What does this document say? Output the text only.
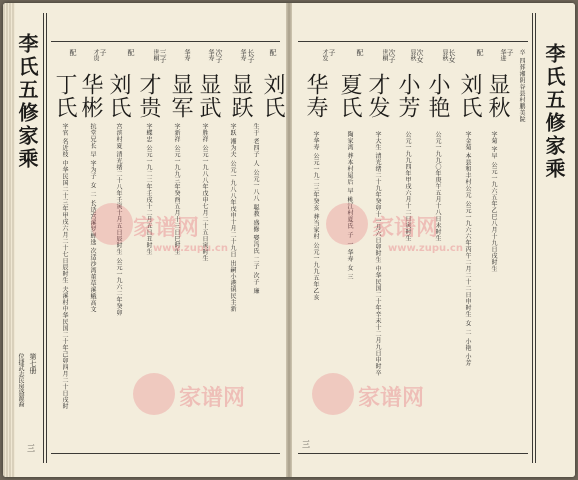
李氏五修家乘
第七册
位捷武志民房盛源裔
三
配
刘氏
生于 老四子 人 公元一八八 聪教 盛修 娶冯氏 二子 次子 廉
长子
华寿
显跃
字跃 湘为夫 公元一九八八年戊申十月二十九日 出嗣小港镇民主新
次子
华寿
显武
字胜祥 公元一九八八年戊申七月二十五日寅时生
华寿
显军
字新祥 公元一九九三年癸酉五月十三日巳时生
三子
世桐
才贵
字蝶忠 公元一九二二年壬戌十二月五日丑时生
配
刘氏
宫滨村夏 清光绪二十八年壬寅十月五日辰时生 公元一九六二年癸卯
子
才贵
华彬
抗堂兄长 早 字为子 女 二 长适宫溪罗蝉选 次适沙湾董草溪蛾高文
配
丁氏
字官 名近枝 中华民国二十三年甲戌六月二十七日辰时生 夫溪村中华民国二十年己卯四月二十日戌时	家谱网
www.zupu.cn
家谱网
李氏五修家乘
卒 四葬湘阴谷县村鹏美院
子
华进
显秋
字菊 字早 公元一九六五年乙巳八月十九日戌时生
配
刘氏
字金菊 本县和丰村公元 公元一九六六年丙午二月二十二日申时生 女 二 小艳 小芳
长女
显秋
小艳
公元一九九〇年庚午五月十八日未时生
次女
显秋
小芳
公元一九九四年甲戌六月十二日寅时生
次子
世桐
才发
字大生 清光绪二十九年癸卯十一月六日卯时生 中华民国二十年辛未十二月九日申时卒
配
夏氏
陶家湾 葬本村屋后 早 桃江村夏氏 子 一 华寿 女 三
子
才发
华寿
字华寿 公元一九二三年癸亥 葬当家村 公元一九九五年乙亥
三
家谱网
www.zupu.cn
家谱网
